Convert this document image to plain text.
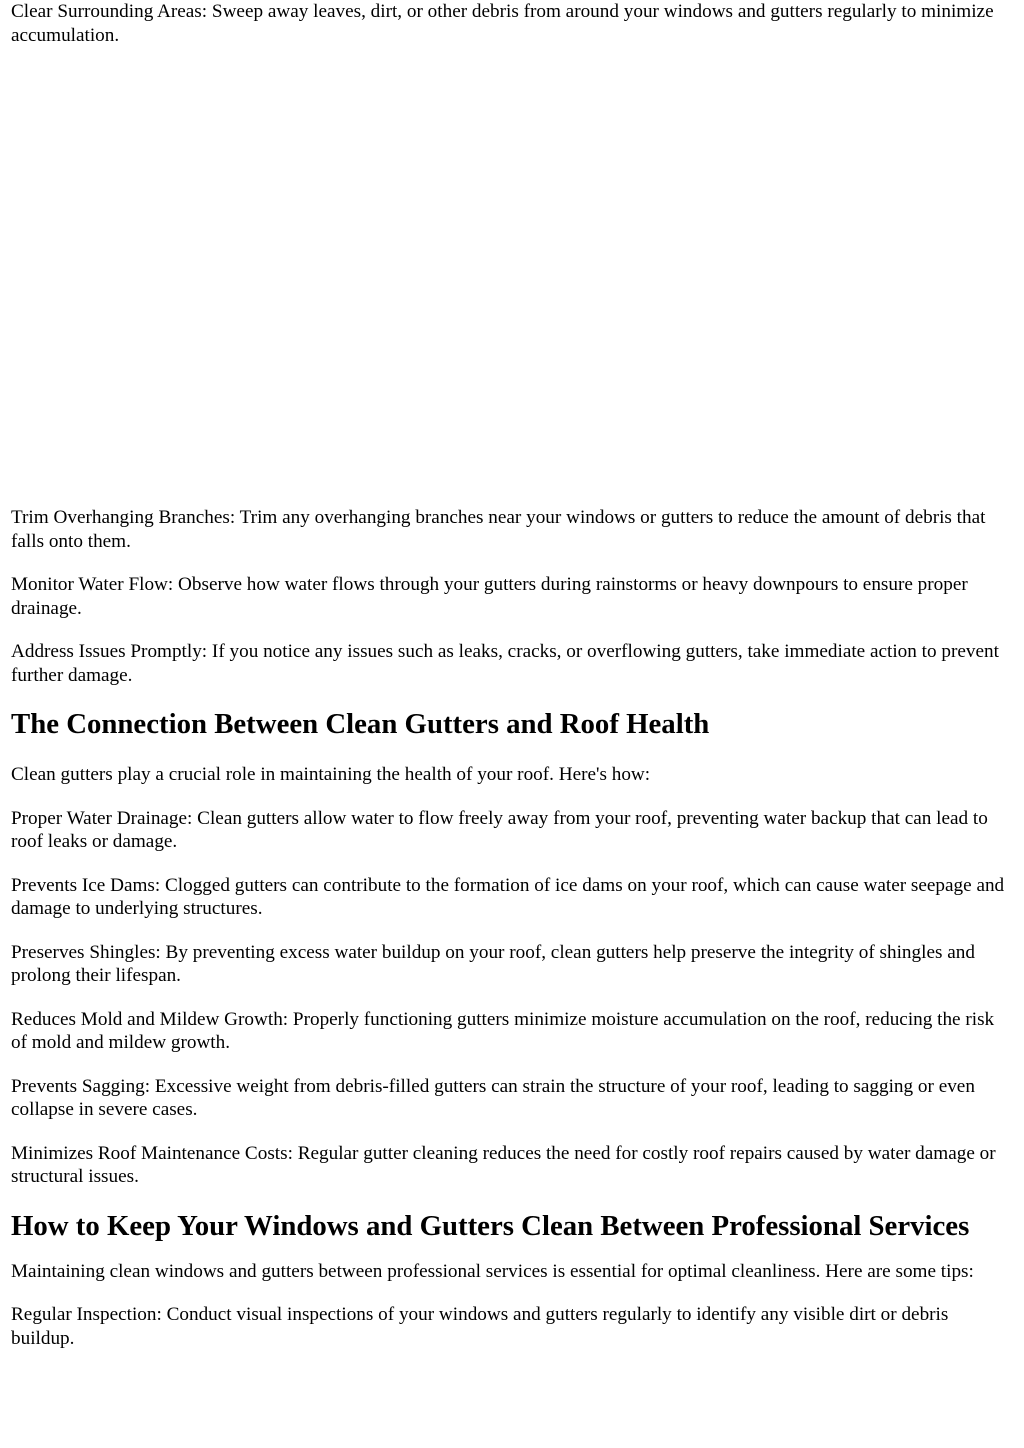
Clear Surrounding Areas: Sweep away leaves, dirt, or other debris from around your windows and gutters regularly to minimize accumulation.

Trim Overhanging Branches: Trim any overhanging branches near your windows or gutters to reduce the amount of debris that falls onto them.

Monitor Water Flow: Observe how water flows through your gutters during rainstorms or heavy downpours to ensure proper drainage.

Address Issues Promptly: If you notice any issues such as leaks, cracks, or overflowing gutters, take immediate action to prevent further damage.

The Connection Between Clean Gutters and Roof Health

Clean gutters play a crucial role in maintaining the health of your roof. Here's how:

Proper Water Drainage: Clean gutters allow water to flow freely away from your roof, preventing water backup that can lead to roof leaks or damage.

Prevents Ice Dams: Clogged gutters can contribute to the formation of ice dams on your roof, which can cause water seepage and damage to underlying structures.

Preserves Shingles: By preventing excess water buildup on your roof, clean gutters help preserve the integrity of shingles and prolong their lifespan.

Reduces Mold and Mildew Growth: Properly functioning gutters minimize moisture accumulation on the roof, reducing the risk of mold and mildew growth.

Prevents Sagging: Excessive weight from debris-filled gutters can strain the structure of your roof, leading to sagging or even collapse in severe cases.

Minimizes Roof Maintenance Costs: Regular gutter cleaning reduces the need for costly roof repairs caused by water damage or structural issues.

How to Keep Your Windows and Gutters Clean Between Professional Services

Maintaining clean windows and gutters between professional services is essential for optimal cleanliness. Here are some tips:

Regular Inspection: Conduct visual inspections of your windows and gutters regularly to identify any visible dirt or debris buildup.
